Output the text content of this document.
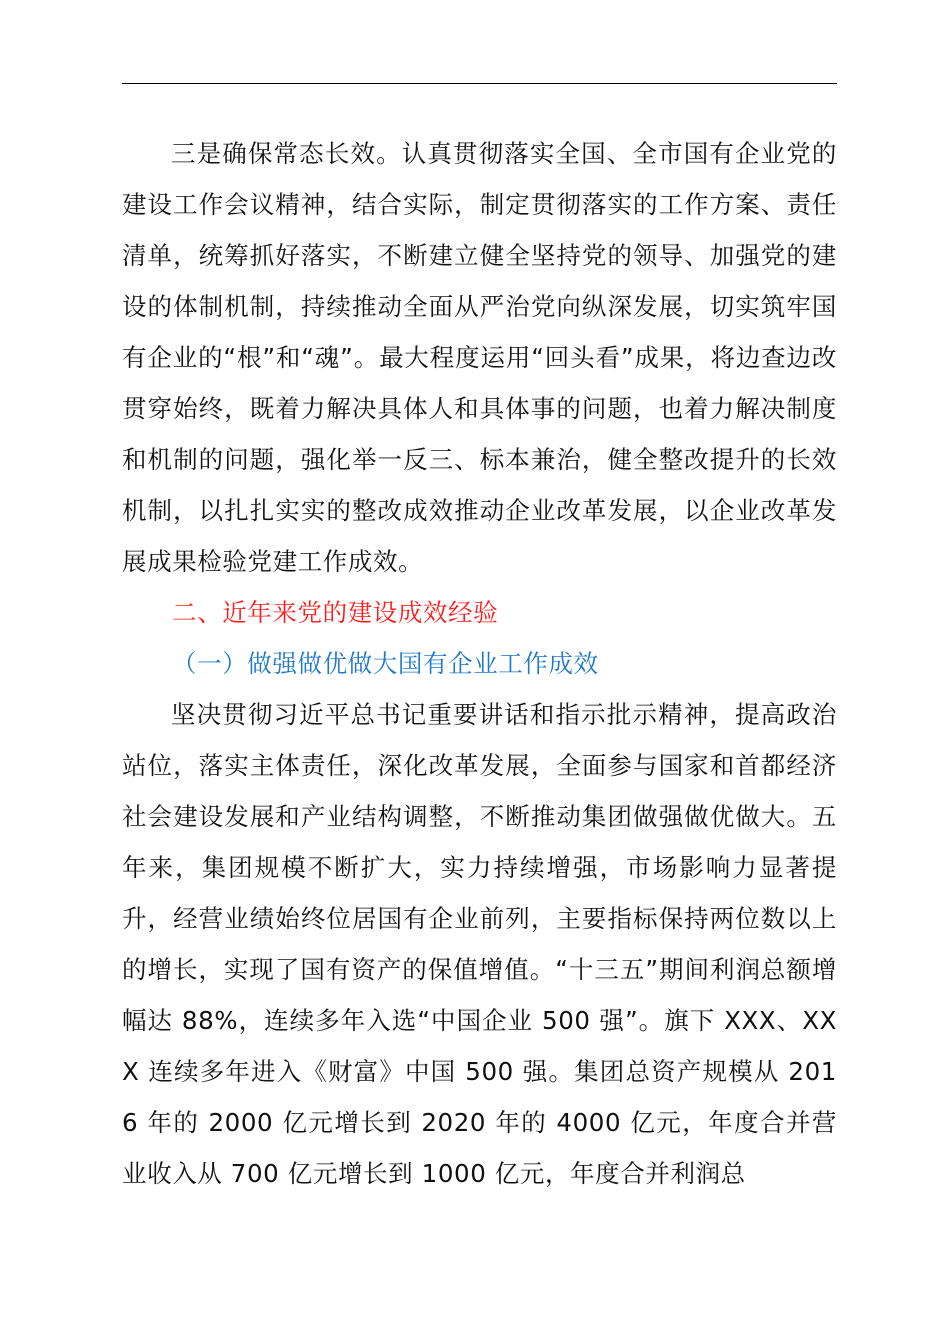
三是确保常态长效。认真贯彻落实全国、全市国有企业党的建设工作会议精神，结合实际，制定贯彻落实的工作方案、责任清单，统筹抓好落实，不断建立健全坚持党的领导、加强党的建设的体制机制，持续推动全面从严治党向纵深发展，切实筑牢国有企业的“根”和“魂”。最大程度运用“回头看”成果，将边查边改贯穿始终，既着力解决具体人和具体事的问题，也着力解决制度和机制的问题，强化举一反三、标本兼治，健全整改提升的长效机制，以扎扎实实的整改成效推动企业改革发展，以企业改革发展成果检验党建工作成效。

二、近年来党的建设成效经验

（一）做强做优做大国有企业工作成效

坚决贯彻习近平总书记重要讲话和指示批示精神，提高政治站位，落实主体责任，深化改革发展，全面参与国家和首都经济社会建设发展和产业结构调整，不断推动集团做强做优做大。五年来，集团规模不断扩大，实力持续增强，市场影响力显著提升，经营业绩始终位居国有企业前列，主要指标保持两位数以上的增长，实现了国有资产的保值增值。“十三五”期间利润总额增幅达 88%，连续多年入选“中国企业 500 强”。旗下 XXX、XXX 连续多年进入《财富》中国 500 强。集团总资产规模从 2016 年的 2000 亿元增长到 2020 年的 4000 亿元，年度合并营业收入从 700 亿元增长到 1000 亿元，年度合并利润总
